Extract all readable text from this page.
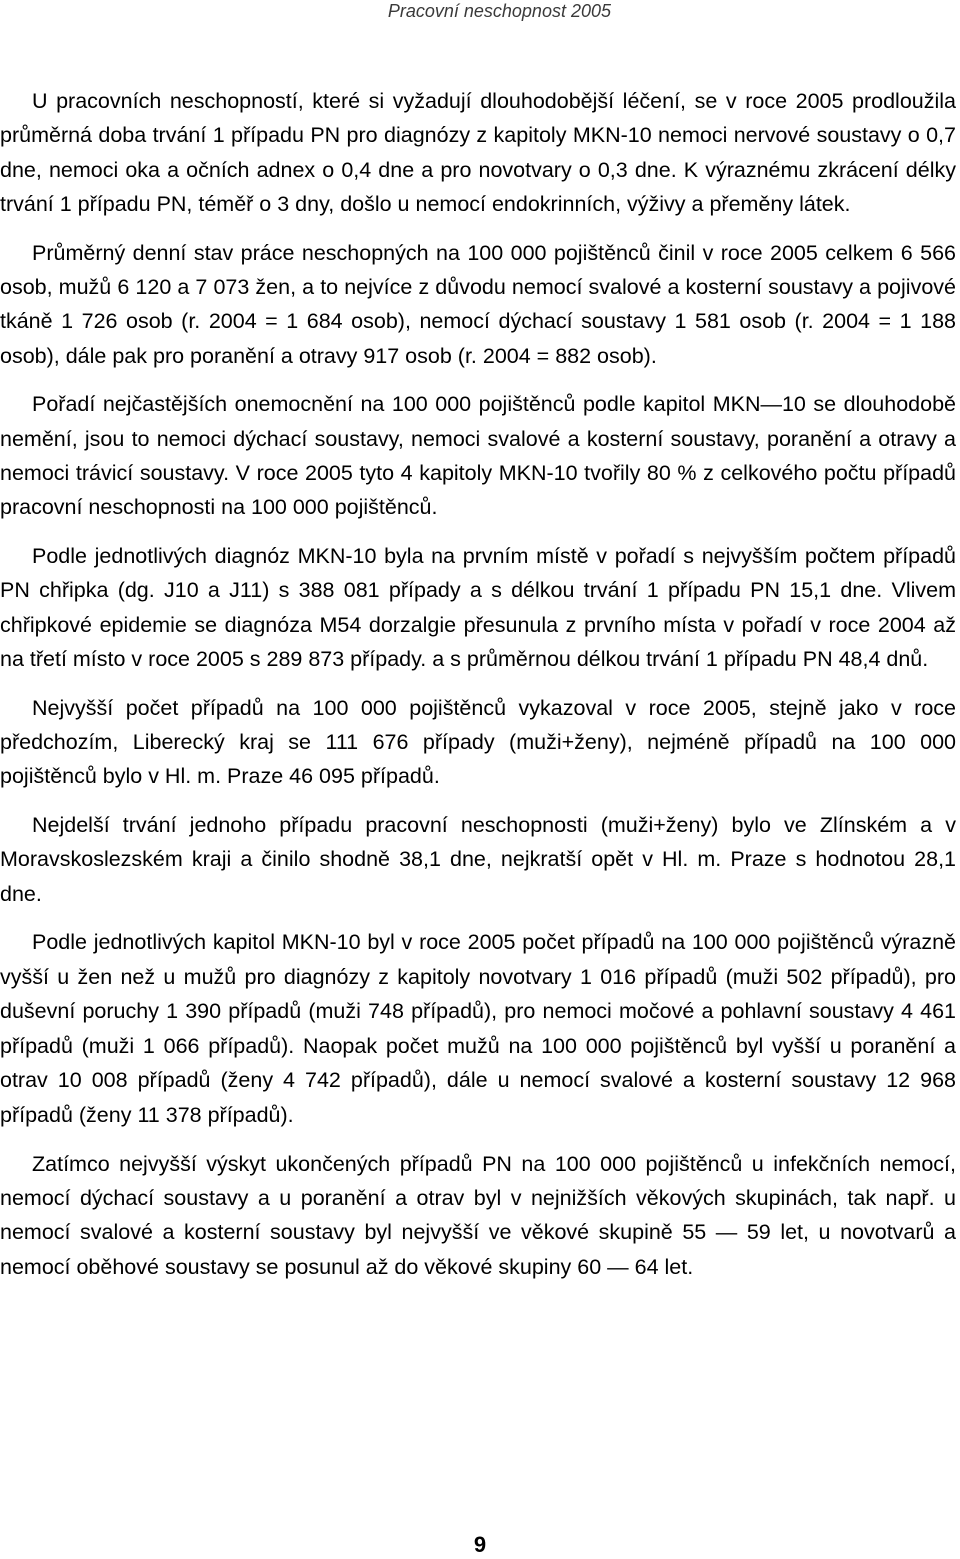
Pracovní neschopnost 2005

U pracovních neschopností, které si vyžadují dlouhodobější léčení, se v roce 2005 prodloužila průměrná doba trvání 1 případu PN pro diagnózy z kapitoly MKN-10 nemoci nervové soustavy o 0,7 dne, nemoci oka a očních adnex o 0,4 dne a pro novotvary o 0,3 dne. K výraznému zkrácení délky trvání 1 případu PN, téměř o 3 dny, došlo u nemocí endokrinních, výživy a přeměny látek.

Průměrný denní stav práce neschopných na 100 000 pojištěnců činil v roce 2005 celkem 6 566 osob, mužů 6 120 a 7 073 žen, a to nejvíce z důvodu nemocí svalové a kosterní soustavy a pojivové tkáně 1 726 osob (r. 2004 = 1 684 osob), nemocí dýchací soustavy 1 581 osob (r. 2004 = 1 188 osob), dále pak pro poranění a otravy 917 osob (r. 2004 = 882 osob).

Pořadí nejčastějších onemocnění na 100 000 pojištěnců podle kapitol MKN—10 se dlouhodobě nemění, jsou to nemoci dýchací soustavy, nemoci svalové a kosterní soustavy, poranění a otravy a nemoci trávicí soustavy. V roce 2005 tyto 4 kapitoly MKN-10 tvořily 80 % z celkového počtu případů pracovní neschopnosti na 100 000 pojištěnců.

Podle jednotlivých diagnóz MKN-10 byla na prvním místě v pořadí s nejvyšším počtem případů PN chřipka (dg. J10 a J11) s 388 081 případy a s délkou trvání 1 případu PN 15,1 dne. Vlivem chřipkové epidemie se diagnóza M54 dorzalgie přesunula z prvního místa v pořadí v roce 2004 až na třetí místo v roce 2005 s 289 873 případy. a s průměrnou délkou trvání 1 případu PN 48,4 dnů.

Nejvyšší počet případů na 100 000 pojištěnců vykazoval v roce 2005, stejně jako v roce předchozím, Liberecký kraj se 111 676 případy (muži+ženy), nejméně případů na 100 000 pojištěnců bylo v Hl. m. Praze 46 095 případů.

Nejdelší trvání jednoho případu pracovní neschopnosti (muži+ženy) bylo ve Zlínském a v Moravskoslezském kraji a činilo shodně 38,1 dne, nejkratší opět v Hl. m. Praze s hodnotou 28,1 dne.

Podle jednotlivých kapitol MKN-10 byl v roce 2005 počet případů na 100 000 pojištěnců výrazně vyšší u žen než u mužů pro diagnózy z kapitoly novotvary 1 016 případů (muži 502 případů), pro duševní poruchy 1 390 případů (muži 748 případů), pro nemoci močové a pohlavní soustavy 4 461 případů (muži 1 066 případů). Naopak počet mužů na 100 000 pojištěnců byl vyšší u poranění a otrav 10 008 případů (ženy 4 742 případů), dále u nemocí svalové a kosterní soustavy 12 968 případů (ženy 11 378 případů).

Zatímco nejvyšší výskyt ukončených případů PN na 100 000 pojištěnců u infekčních nemocí, nemocí dýchací soustavy a u poranění a otrav byl v nejnižších věkových skupinách, tak např. u nemocí svalové a kosterní soustavy byl nejvyšší ve věkové skupině 55 — 59 let, u novotvarů a nemocí oběhové soustavy se posunul až do věkové skupiny 60 — 64 let.

9
